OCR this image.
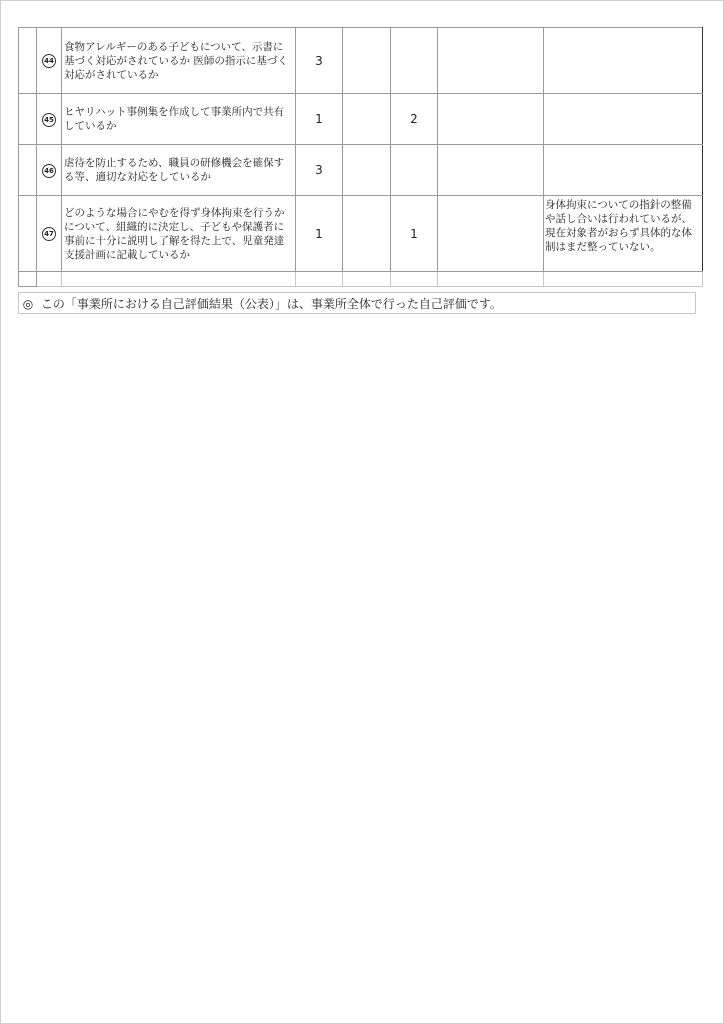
	44	食物アレルギーのある子どもについて、示書に基づく対応がされているか 医師の指示に基づく対応がされているか	3				

	45	ヒヤリハット事例集を作成して事業所内で共有しているか	1		2		

	46	虐待を防止するため、職員の研修機会を確保する等、適切な対応をしているか	3				

	47	どのような場合にやむを得ず身体拘束を行うかについて、組織的に決定し、子どもや保護者に事前に十分に説明し了解を得た上で、児童発達支援計画に記載しているか	1		1		身体拘束についての指針の整備や話し合いは行われているが、現在対象者がおらず具体的な体制はまだ整っていない。

◎ この「事業所における自己評価結果（公表）」は、事業所全体で行った自己評価です。
